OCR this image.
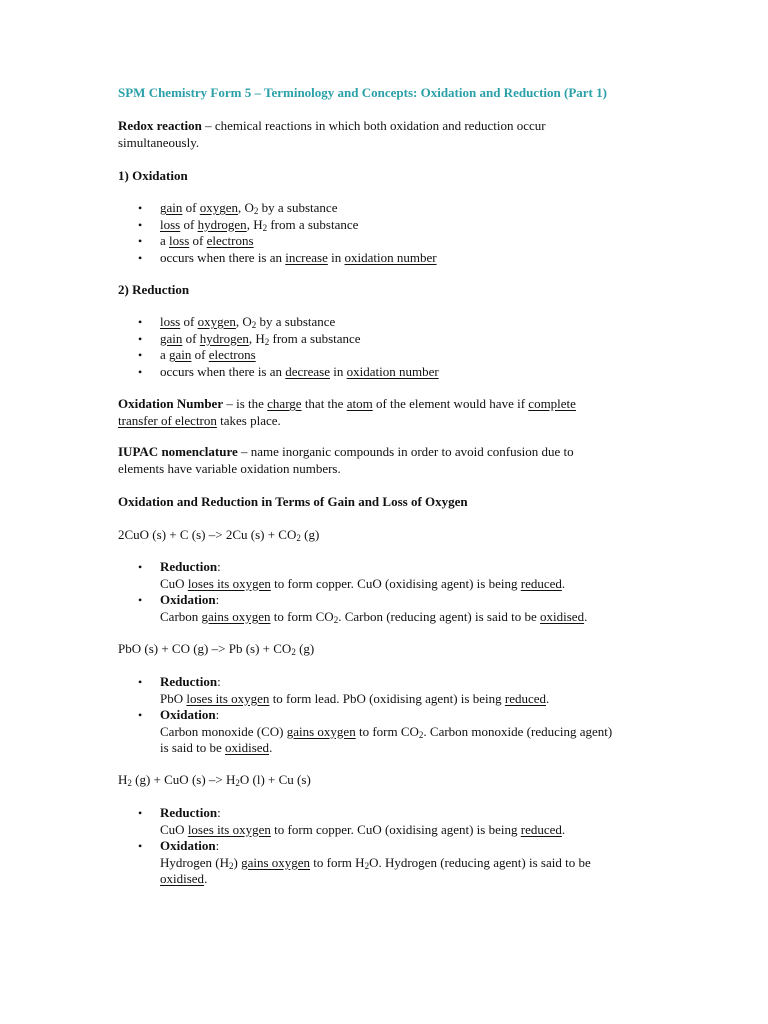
SPM Chemistry Form 5 – Terminology and Concepts: Oxidation and Reduction (Part 1)
Redox reaction – chemical reactions in which both oxidation and reduction occur
simultaneously.
1) Oxidation
• gain of oxygen, $O_2$ by a substance
• loss of hydrogen, $H_2$ from a substance
• a loss of electrons
• occurs when there is an increase in oxidation number
2) Reduction
• loss of oxygen, $O_2$ by a substance
• gain of hydrogen, $H_2$ from a substance
• a gain of electrons
• occurs when there is an decrease in oxidation number
Oxidation Number – is the charge that the atom of the element would have if complete
transfer of electron takes place.
IUPAC nomenclature – name inorganic compounds in order to avoid confusion due to
elements have variable oxidation numbers.
Oxidation and Reduction in Terms of Gain and Loss of Oxygen
2CuO (s) + C (s) –> 2Cu $(s) + CO_2$ (g)
• Reduction:
CuO loses its oxygen to form copper. CuO (oxidising agent) is being reduced.
• Oxidation:
Carbon gains oxygen to form $CO_2$. Carbon (reducing agent) is said to be oxidised.
PbO (s) + CO (g) –> Pb $(s) + CO_2$ (g)
• Reduction:
PbO loses its oxygen to form lead. PbO (oxidising agent) is being reduced.
• Oxidation:
Carbon monoxide (CO) gains oxygen to form $CO_2$. Carbon monoxide (reducing agent)
is said to be oxidised.
$H_2$ (g) + CuO $(s) -> H_2O$ (l) + Cu (s)
• Reduction:
CuO loses its oxygen to form copper. CuO (oxidising agent) is being reduced.
• Oxidation:
Hydrogen $(H_2)$ gains oxygen to form $H_2O$. Hydrogen (reducing agent) is said to be
oxidised.
